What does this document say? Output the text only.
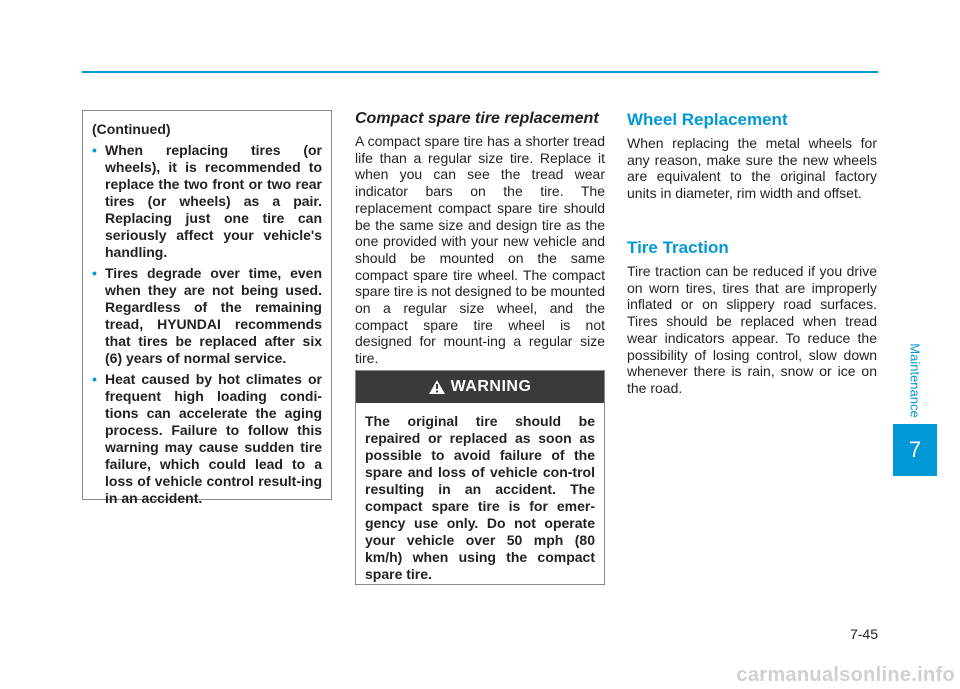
(Continued)
• When replacing tires (or wheels), it is recommended to replace the two front or two rear tires (or wheels) as a pair. Replacing just one tire can seriously affect your vehicle's handling.
• Tires degrade over time, even when they are not being used. Regardless of the remaining tread, HYUNDAI recommends that tires be replaced after six (6) years of normal service.
• Heat caused by hot climates or frequent high loading condi-tions can accelerate the aging process. Failure to follow this warning may cause sudden tire failure, which could lead to a loss of vehicle control result-ing in an accident.
Compact spare tire replacement

A compact spare tire has a shorter tread life than a regular size tire. Replace it when you can see the tread wear indicator bars on the tire. The replacement compact spare tire should be the same size and design tire as the one provided with your new vehicle and should be mounted on the same compact spare tire wheel. The compact spare tire is not designed to be mounted on a regular size wheel, and the compact spare tire wheel is not designed for mount-ing a regular size tire.

WARNING
The original tire should be repaired or replaced as soon as possible to avoid failure of the spare and loss of vehicle con-trol resulting in an accident. The compact spare tire is for emer-gency use only. Do not operate your vehicle over 50 mph (80 km/h) when using the compact spare tire.
Wheel Replacement

When replacing the metal wheels for any reason, make sure the new wheels are equivalent to the original factory units in diameter, rim width and offset.

Tire Traction

Tire traction can be reduced if you drive on worn tires, tires that are improperly inflated or on slippery road surfaces. Tires should be replaced when tread wear indicators appear. To reduce the possibility of losing control, slow down whenever there is rain, snow or ice on the road.	Maintenance
7
7-45
carmanualsonline.info
